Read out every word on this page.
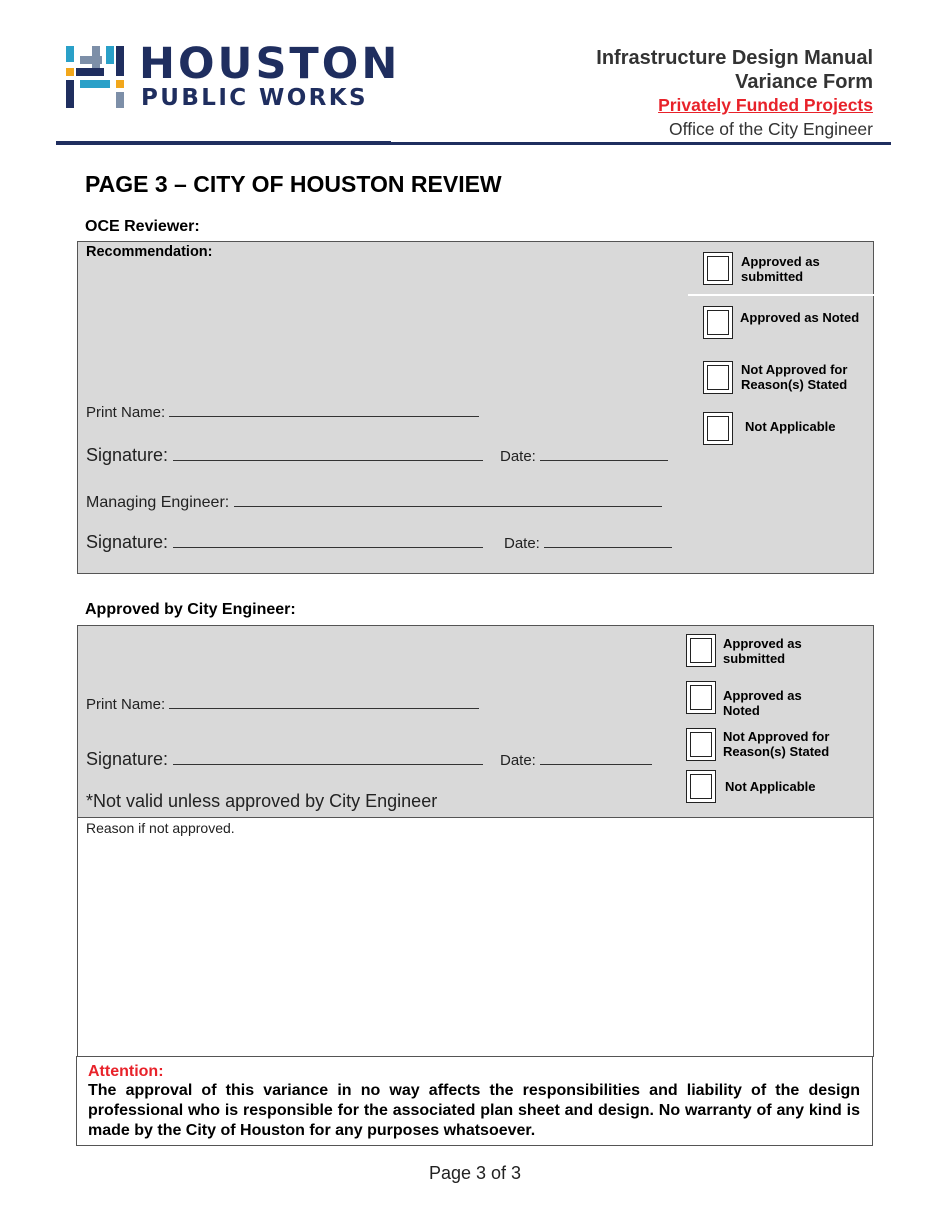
HOUSTON
PUBLIC WORKS
Infrastructure Design Manual
Variance Form
Privately Funded Projects
Office of the City Engineer
PAGE 3 – CITY OF HOUSTON REVIEW
OCE Reviewer:
Recommendation:
Print Name:
Signature:	Date:
Managing Engineer:
Signature:	Date:
Approved as
submitted
Approved as Noted
Not Approved for
Reason(s) Stated
Not Applicable
Approved by City Engineer:
Print Name:
Signature:	Date:
*Not valid unless approved by City Engineer
Approved as
submitted
Approved as
Noted
Not Approved for
Reason(s) Stated
Not Applicable
Reason if not approved.
Attention:
The approval of this variance in no way affects the responsibilities and liability of the design professional who is responsible for the associated plan sheet and design. No warranty of any kind is made by the City of Houston for any purposes whatsoever.
Page 3 of 3
